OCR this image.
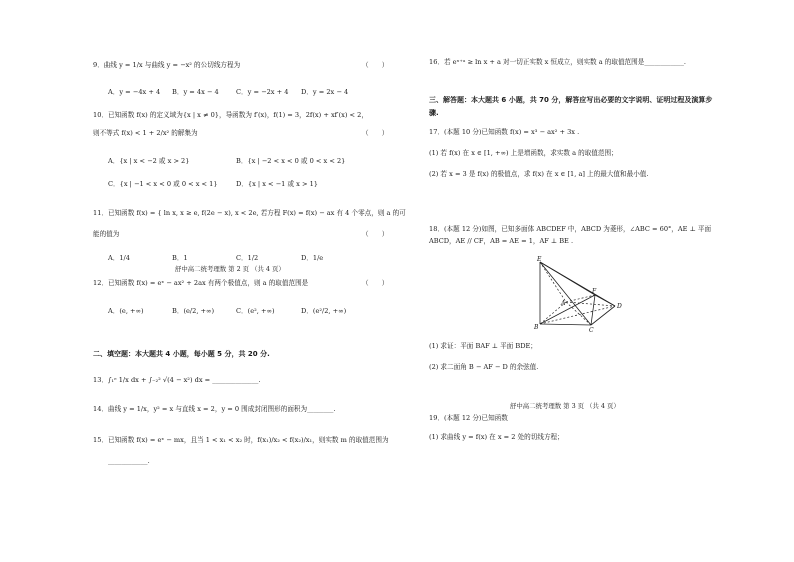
9．曲线 y = 1/x 与曲线 y = −x² 的公切线方程为	（　　）
A．y = −4x + 4 B．y = 4x − 4	C．y = −2x + 4 D．y = 2x − 4
10．已知函数 f(x) 的定义域为{x | x ≠ 0}，导函数为 f′(x)，f(1) = 3，2f(x) + xf′(x) < 2，
则不等式 f(x) < 1 + 2/x² 的解集为	（　　）
A．{x | x < −2 或 x > 2}	B．{x | −2 < x < 0 或 0 < x < 2}
C．{x | −1 < x < 0 或 0 < x < 1}	D．{x | x < −1 或 x > 1}
11．已知函数 f(x) = { ln x, x ≥ e, f(2e − x), x < 2e, 若方程 F(x) = f(x) − ax 有 4 个零点，则 a 的可
能的值为	（　　）
A．1/4	B．1	C．1/2	D．1/e
舒中高二统考理数 第 2 页 （共 4 页）
12．已知函数 f(x) = eˣ − ax² + 2ax 有两个极值点，则 a 的取值范围是	（　　）
A．(e, +∞)	B．(e/2, +∞)	C．(e², +∞)	D．(e²/2, +∞)
二、填空题：本大题共 4 小题，每小题 5 分，共 20 分.
13．∫₁ᵉ 1/x dx + ∫₋₂² √(4 − x²) dx = ______________.
14．曲线 y = 1/x，y² = x 与直线 x = 2，y = 0 围成封闭图形的面积为________.
15．已知函数 f(x) = eˣ − mx，且当 1 < x₁ < x₂ 时，f(x₁)/x₂ < f(x₂)/x₁，则实数 m 的取值范围为
____________.
16．若 eˣ⁺ᵃ ≥ ln x + a 对一切正实数 x 恒成立，则实数 a 的取值范围是____________.
三、解答题：本大题共 6 小题，共 70 分，解答应写出必要的文字说明、证明过程及演算步
骤.
17．(本题 10 分)已知函数 f(x) = x³ − ax² + 3x .
(1) 若 f(x) 在 x ∈ [1, +∞) 上是增函数，求实数 a 的取值范围；
(2) 若 x = 3 是 f(x) 的极值点，求 f(x) 在 x ∈ [1, a] 上的最大值和最小值.
18．(本题 12 分)如图，已知多面体 ABCDEF 中，ABCD 为菱形，∠ABC = 60°，AE ⊥ 平面
ABCD，AE // CF，AB = AE = 1，AF ⊥ BE .
E
F
A	D
B	C
(1) 求证：平面 BAF ⊥ 平面 BDE；
(2) 求二面角 B − AF − D 的余弦值.
舒中高二统考理数 第 3 页 （共 4 页）
19．(本题 12 分)已知函数
(1) 求曲线 y = f(x) 在 x = 2 处的切线方程；
